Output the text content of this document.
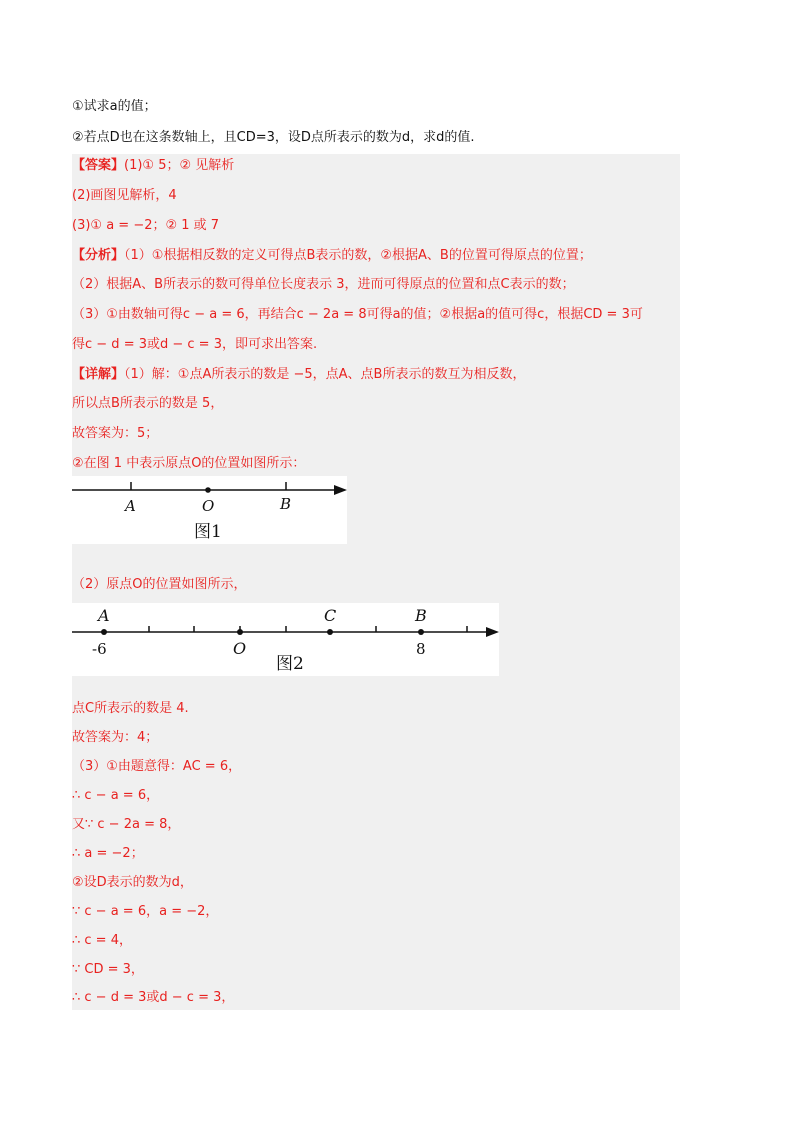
①试求a的值；
②若点D也在这条数轴上，且CD=3，设D点所表示的数为d，求d的值.
【答案】(1)① 5；② 见解析
(2)画图见解析，4
(3)① a = −2；② 1 或 7
【分析】（1）①根据相反数的定义可得点B表示的数，②根据A、B的位置可得原点的位置；
（2）根据A、B所表示的数可得单位长度表示 3，进而可得原点的位置和点C表示的数；
（3）①由数轴可得c − a = 6，再结合c − 2a = 8可得a的值；②根据a的值可得c，根据CD = 3可
得c − d = 3或d − c = 3，即可求出答案.
【详解】（1）解：①点A所表示的数是 −5，点A、点B所表示的数互为相反数，
所以点B所表示的数是 5，
故答案为：5；
②在图 1 中表示原点O的位置如图所示：
A	O	B
图1
（2）原点O的位置如图所示，
A	C	B
-6	O	8
图2
点C所表示的数是 4.
故答案为：4；
（3）①由题意得：AC = 6，
∴ c − a = 6，
又∵ c − 2a = 8，
∴ a = −2；
②设D表示的数为d，
∵ c − a = 6，a = −2，
∴ c = 4，
∵ CD = 3，
∴ c − d = 3或d − c = 3，
